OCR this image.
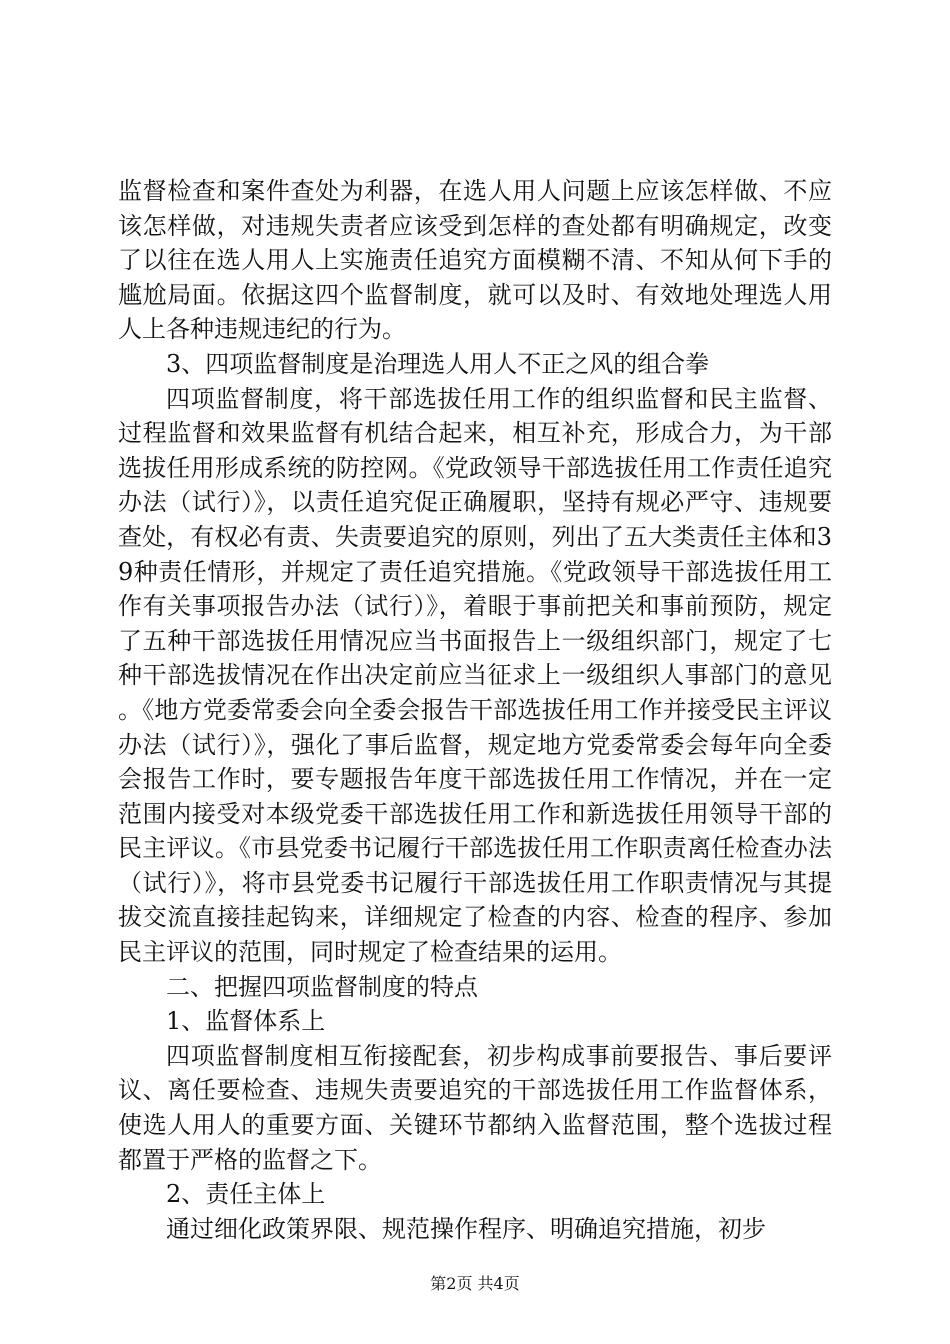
监督检查和案件查处为利器，在选人用人问题上应该怎样做、不应该怎样做，对违规失责者应该受到怎样的查处都有明确规定，改变了以往在选人用人上实施责任追究方面模糊不清、不知从何下手的尴尬局面。依据这四个监督制度，就可以及时、有效地处理选人用人上各种违规违纪的行为。

3、四项监督制度是治理选人用人不正之风的组合拳

四项监督制度，将干部选拔任用工作的组织监督和民主监督、过程监督和效果监督有机结合起来，相互补充，形成合力，为干部选拔任用形成系统的防控网。《党政领导干部选拔任用工作责任追究办法（试行）》，以责任追究促正确履职，坚持有规必严守、违规要查处，有权必有责、失责要追究的原则，列出了五大类责任主体和39种责任情形，并规定了责任追究措施。《党政领导干部选拔任用工作有关事项报告办法（试行）》，着眼于事前把关和事前预防，规定了五种干部选拔任用情况应当书面报告上一级组织部门，规定了七种干部选拔情况在作出决定前应当征求上一级组织人事部门的意见。《地方党委常委会向全委会报告干部选拔任用工作并接受民主评议办法（试行）》，强化了事后监督，规定地方党委常委会每年向全委会报告工作时，要专题报告年度干部选拔任用工作情况，并在一定范围内接受对本级党委干部选拔任用工作和新选拔任用领导干部的民主评议。《市县党委书记履行干部选拔任用工作职责离任检查办法（试行）》，将市县党委书记履行干部选拔任用工作职责情况与其提拔交流直接挂起钩来，详细规定了检查的内容、检查的程序、参加民主评议的范围，同时规定了检查结果的运用。

二、把握四项监督制度的特点

1、监督体系上

四项监督制度相互衔接配套，初步构成事前要报告、事后要评议、离任要检查、违规失责要追究的干部选拔任用工作监督体系，使选人用人的重要方面、关键环节都纳入监督范围，整个选拔过程都置于严格的监督之下。

2、责任主体上

通过细化政策界限、规范操作程序、明确追究措施，初步

第2页 共4页
